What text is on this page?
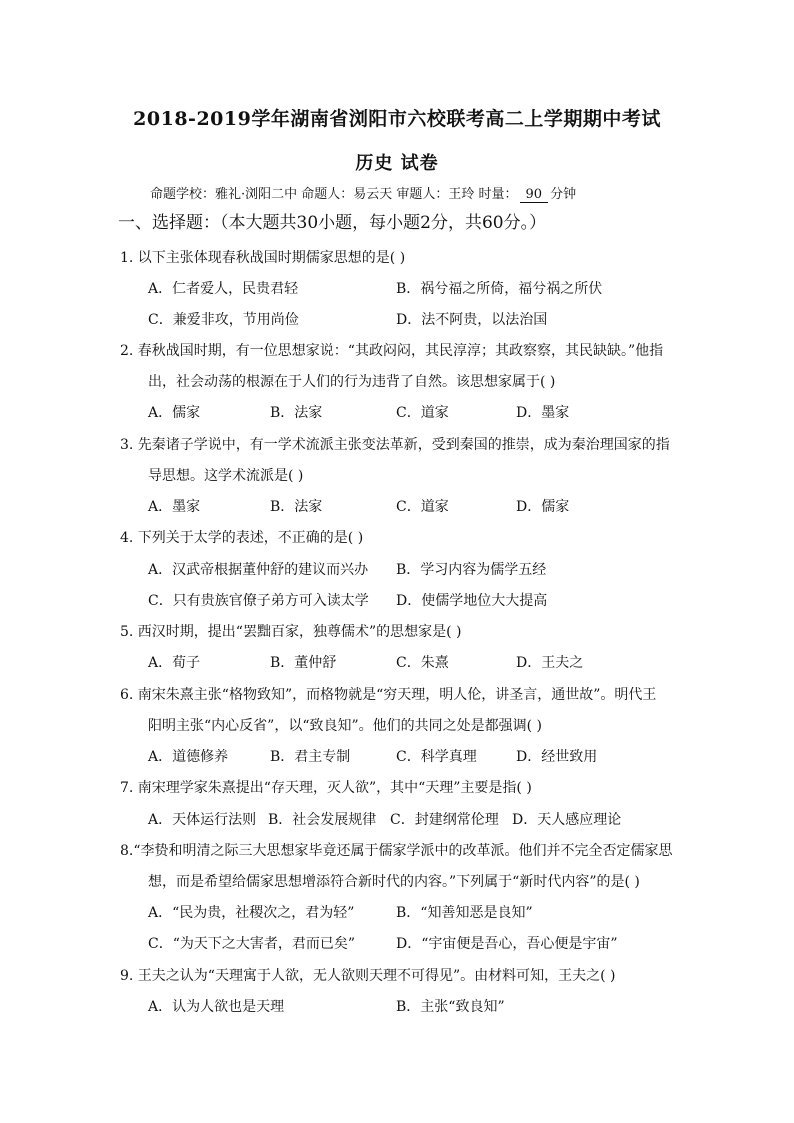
2018-2019学年湖南省浏阳市六校联考高二上学期期中考试
历史 试卷
命题学校：雅礼·浏阳二中 命题人：易云天 审题人：王玲 时量： 90 分钟
一、选择题：（本大题共30小题，每小题2分，共60分。）
1. 以下主张体现春秋战国时期儒家思想的是( )
A．仁者爱人，民贵君轻	B．祸兮福之所倚，福兮祸之所伏
C．兼爱非攻，节用尚俭	D．法不阿贵，以法治国
2. 春秋战国时期，有一位思想家说：“其政闷闷，其民淳淳；其政察察，其民缺缺。”他指
出，社会动荡的根源在于人们的行为违背了自然。该思想家属于( )
A．儒家	B．法家	C．道家	D．墨家
3. 先秦诸子学说中，有一学术流派主张变法革新，受到秦国的推崇，成为秦治理国家的指
导思想。这学术流派是( )
A．墨家	B．法家	C．道家	D．儒家
4. 下列关于太学的表述，不正确的是( )
A．汉武帝根据董仲舒的建议而兴办 B．学习内容为儒学五经
C．只有贵族官僚子弟方可入读太学 D．使儒学地位大大提高
5. 西汉时期，提出“罢黜百家，独尊儒术”的思想家是( )
A．荀子	B．董仲舒	C．朱熹	D．王夫之
6. 南宋朱熹主张“格物致知”，而格物就是“穷天理，明人伦，讲圣言，通世故”。明代王
阳明主张“内心反省”，以“致良知”。他们的共同之处是都强调( )
A．道德修养	B．君主专制	C．科学真理	D．经世致用
7. 南宋理学家朱熹提出“存天理，灭人欲”，其中“天理”主要是指( )
A．天体运行法则 B．社会发展规律 C．封建纲常伦理 D．天人感应理论
8.“李贽和明清之际三大思想家毕竟还属于儒家学派中的改革派。他们并不完全否定儒家思
想，而是希望给儒家思想增添符合新时代的内容。”下列属于“新时代内容”的是( )
A．“民为贵，社稷次之，君为轻”	B．“知善知恶是良知”
C．“为天下之大害者，君而已矣”	D．“宇宙便是吾心，吾心便是宇宙”
9. 王夫之认为“天理寓于人欲，无人欲则天理不可得见”。由材料可知，王夫之( )
A．认为人欲也是天理	B．主张“致良知”
